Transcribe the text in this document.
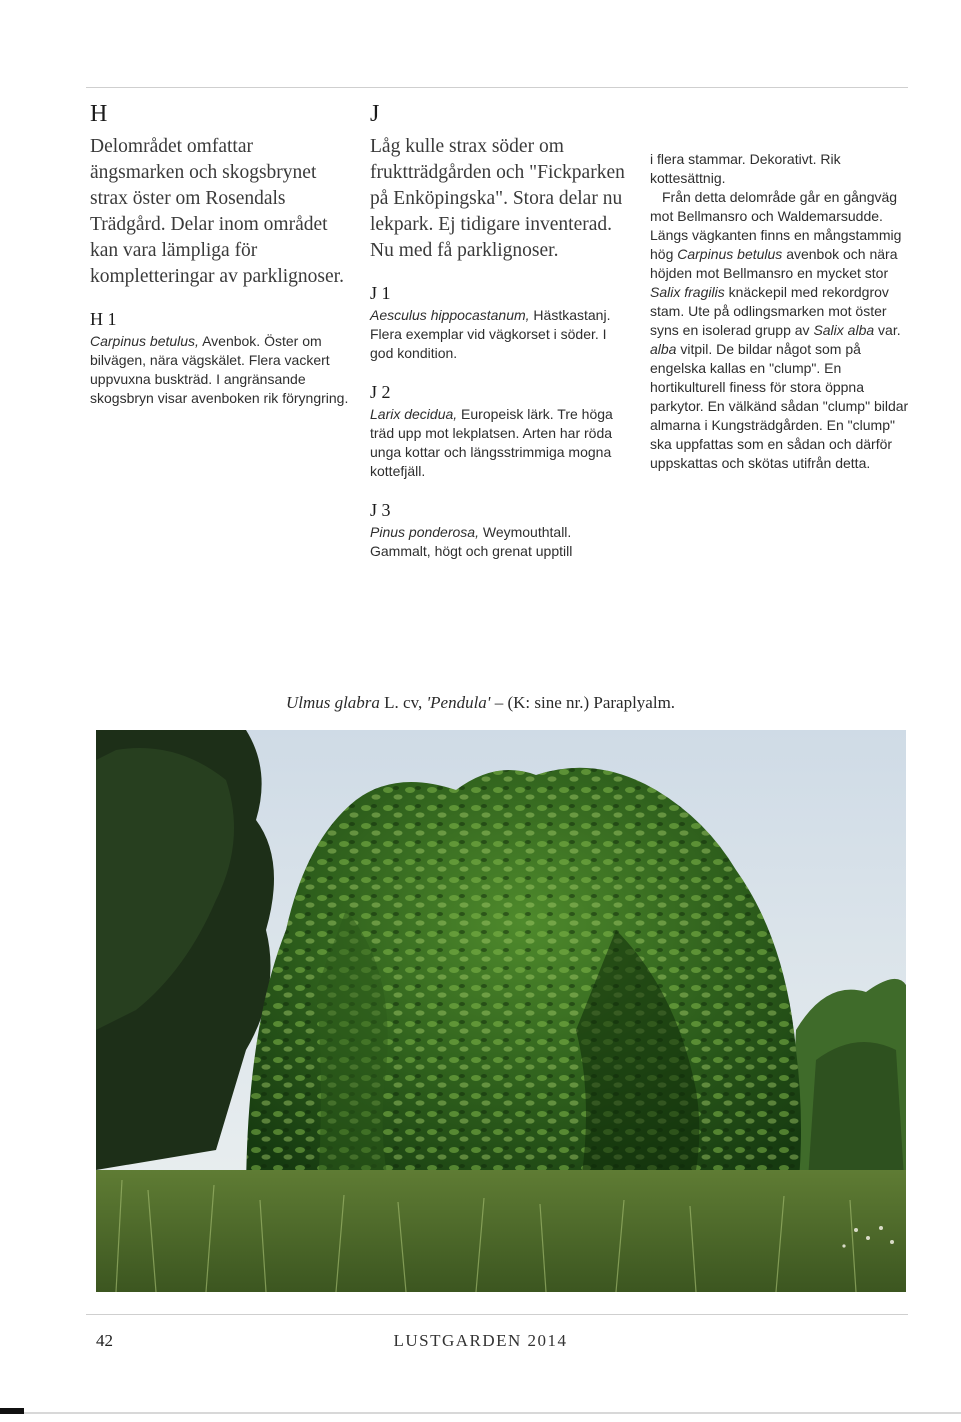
H

Delområdet omfattar ängsmarken och skogsbrynet strax öster om Rosendals Trädgård. Delar inom området kan vara lämpliga för kompletteringar av parklignoser.

H 1

Carpinus betulus, Avenbok. Öster om bilvägen, nära vägskälet. Flera vackert uppvuxna buskträd. I angränsande skogsbryn visar avenboken rik föryngring.

J

Låg kulle strax söder om fruktträdgården och "Fickparken på Enköpingska". Stora delar nu lekpark. Ej tidigare inventerad. Nu med få parklignoser.

J 1

Aesculus hippocastanum, Hästkastanj. Flera exemplar vid vägkorset i söder. I god kondition.

J 2

Larix decidua, Europeisk lärk. Tre höga träd upp mot lekplatsen. Arten har röda unga kottar och längsstrimmiga mogna kottefjäll.

J 3

Pinus ponderosa, Weymouthtall. Gammalt, högt och grenat upptill

i flera stammar. Dekorativt. Rik kottesättnig.

Från detta delområde går en gångväg mot Bellmansro och Waldemarsudde. Längs vägkanten finns en mångstammig hög Carpinus betulus avenbok och nära höjden mot Bellmansro en mycket stor Salix fragilis knäckepil med rekordgrov stam. Ute på odlingsmarken mot öster syns en isolerad grupp av Salix alba var. alba vitpil. De bildar något som på engelska kallas en "clump". En hortikulturell finess för stora öppna parkytor. En välkänd sådan "clump" bildar almarna i Kungsträdgården. En "clump" ska uppfattas som en sådan och därför uppskattas och skötas utifrån detta.

Ulmus glabra L. cv, 'Pendula' – (K: sine nr.) Paraplyalm.
42	LUSTGARDEN 2014
